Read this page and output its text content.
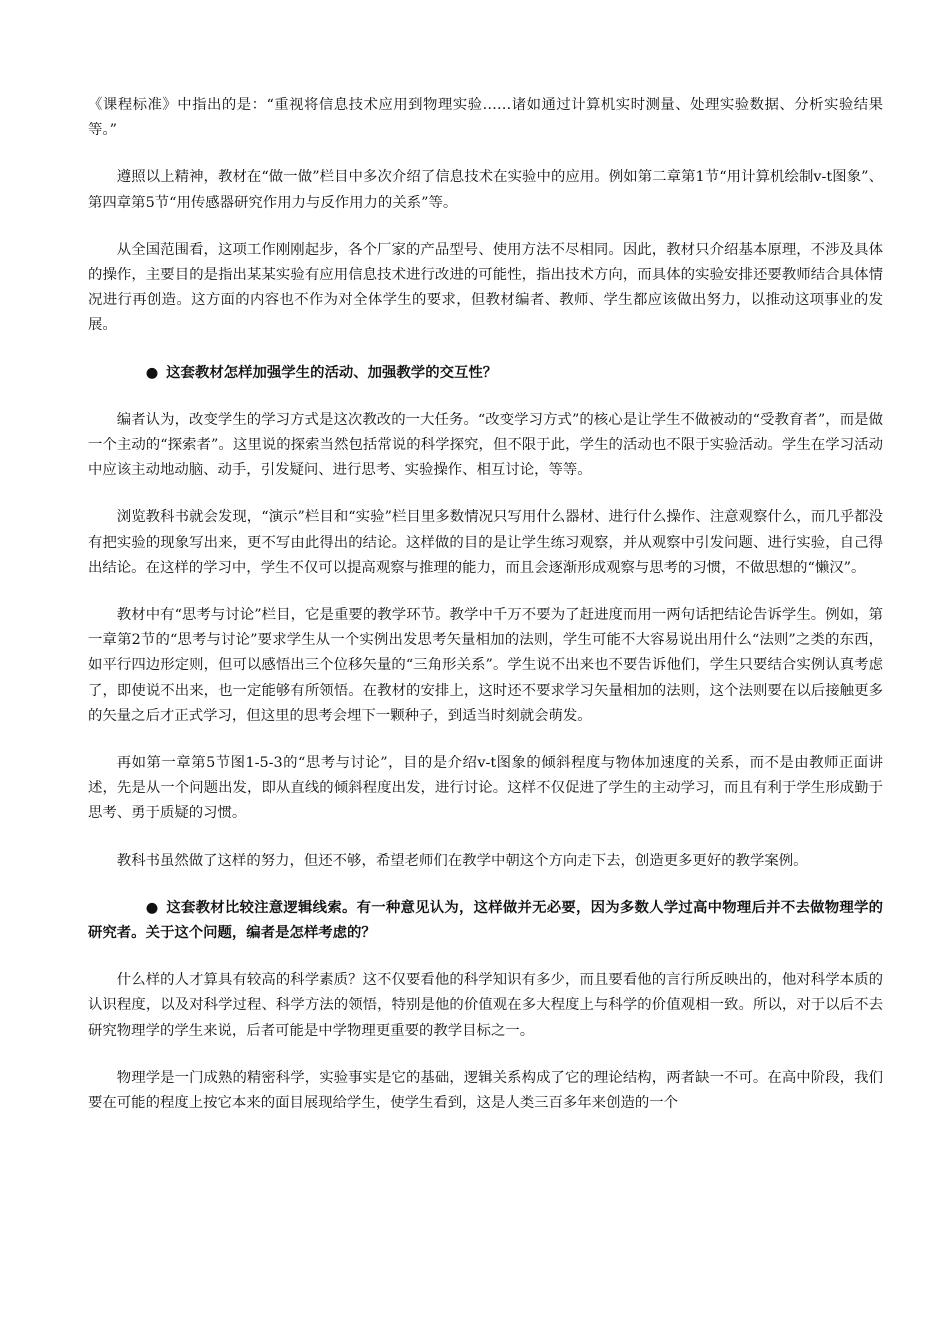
《课程标准》中指出的是：“重视将信息技术应用到物理实验……诸如通过计算机实时测量、处理实验数据、分析实验结果等。”

遵照以上精神，教材在“做一做”栏目中多次介绍了信息技术在实验中的应用。例如第二章第1节“用计算机绘制v-t图象”、第四章第5节“用传感器研究作用力与反作用力的关系”等。

从全国范围看，这项工作刚刚起步，各个厂家的产品型号、使用方法不尽相同。因此，教材只介绍基本原理，不涉及具体的操作，主要目的是指出某某实验有应用信息技术进行改进的可能性，指出技术方向，而具体的实验安排还要教师结合具体情况进行再创造。这方面的内容也不作为对全体学生的要求，但教材编者、教师、学生都应该做出努力，以推动这项事业的发展。

● 这套教材怎样加强学生的活动、加强教学的交互性？

编者认为，改变学生的学习方式是这次教改的一大任务。“改变学习方式”的核心是让学生不做被动的“受教育者”，而是做一个主动的“探索者”。这里说的探索当然包括常说的科学探究，但不限于此，学生的活动也不限于实验活动。学生在学习活动中应该主动地动脑、动手，引发疑问、进行思考、实验操作、相互讨论，等等。

浏览教科书就会发现，“演示”栏目和“实验”栏目里多数情况只写用什么器材、进行什么操作、注意观察什么，而几乎都没有把实验的现象写出来，更不写由此得出的结论。这样做的目的是让学生练习观察，并从观察中引发问题、进行实验，自己得出结论。在这样的学习中，学生不仅可以提高观察与推理的能力，而且会逐渐形成观察与思考的习惯，不做思想的“懒汉”。

教材中有“思考与讨论”栏目，它是重要的教学环节。教学中千万不要为了赶进度而用一两句话把结论告诉学生。例如，第一章第2节的“思考与讨论”要求学生从一个实例出发思考矢量相加的法则，学生可能不大容易说出用什么“法则”之类的东西，如平行四边形定则，但可以感悟出三个位移矢量的“三角形关系”。学生说不出来也不要告诉他们，学生只要结合实例认真考虑了，即使说不出来，也一定能够有所领悟。在教材的安排上，这时还不要求学习矢量相加的法则，这个法则要在以后接触更多的矢量之后才正式学习，但这里的思考会埋下一颗种子，到适当时刻就会萌发。

再如第一章第5节图1-5-3的“思考与讨论”，目的是介绍v-t图象的倾斜程度与物体加速度的关系，而不是由教师正面讲述，先是从一个问题出发，即从直线的倾斜程度出发，进行讨论。这样不仅促进了学生的主动学习，而且有利于学生形成勤于思考、勇于质疑的习惯。

教科书虽然做了这样的努力，但还不够，希望老师们在教学中朝这个方向走下去，创造更多更好的教学案例。

● 这套教材比较注意逻辑线索。有一种意见认为，这样做并无必要，因为多数人学过高中物理后并不去做物理学的研究者。关于这个问题，编者是怎样考虑的？

什么样的人才算具有较高的科学素质？这不仅要看他的科学知识有多少，而且要看他的言行所反映出的，他对科学本质的认识程度，以及对科学过程、科学方法的领悟，特别是他的价值观在多大程度上与科学的价值观相一致。所以，对于以后不去研究物理学的学生来说，后者可能是中学物理更重要的教学目标之一。

物理学是一门成熟的精密科学，实验事实是它的基础，逻辑关系构成了它的理论结构，两者缺一不可。在高中阶段，我们要在可能的程度上按它本来的面目展现给学生，使学生看到，这是人类三百多年来创造的一个
